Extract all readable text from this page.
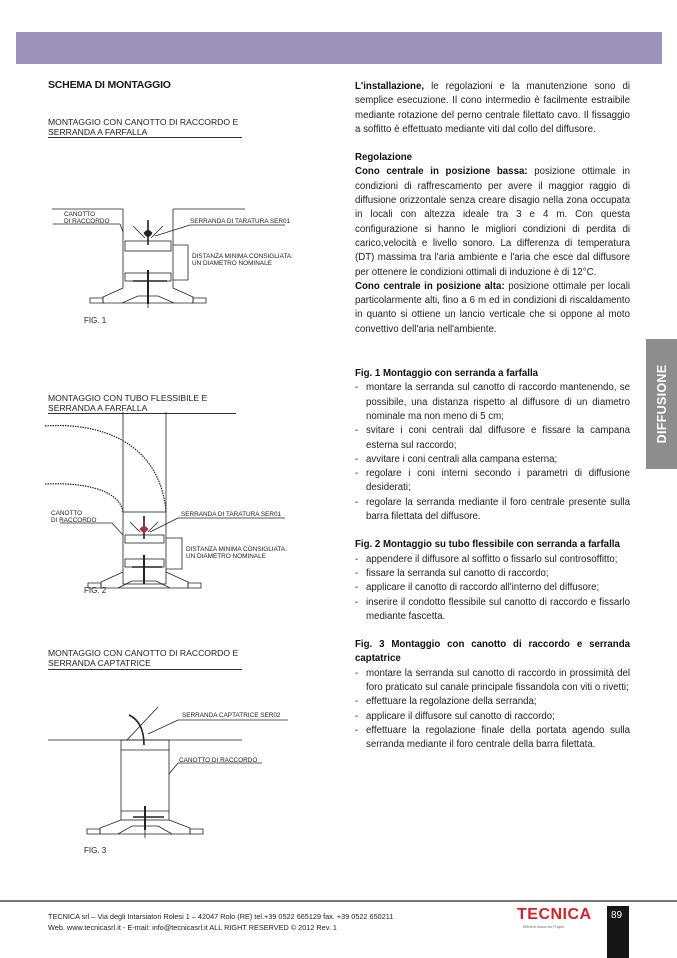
SCHEMA DI MONTAGGIO
MONTAGGIO CON CANOTTO DI RACCORDO E
SERRANDA A FARFALLA
CANOTTO
DI RACCORDO	SERRANDA DI TARATURA SER01
DISTANZA MINIMA CONSIGLIATA:
UN DIAMETRO NOMINALE
FIG. 1
MONTAGGIO CON TUBO FLESSIBILE E
SERRANDA A FARFALLA
CANOTTO
DI RACCORDO
SERRANDA DI TARATURA SER01
DISTANZA MINIMA CONSIGLIATA:
UN DIAMETRO NOMINALE
FIG. 2
MONTAGGIO CON CANOTTO DI RACCORDO E
SERRANDA CAPTATRICE
SERRANDA CAPTATRICE SER02
CANOTTO DI RACCORDO
FIG. 3

L'installazione, le regolazioni e la manutenzione sono di semplice esecuzione. Il cono intermedio è facilmente estraibile mediante rotazione del perno centrale filettato cavo. Il fissaggio a soffitto è effettuato mediante viti dal collo del diffusore.

Regolazione

Cono centrale in posizione bassa: posizione ottimale in condizioni di raffrescamento per avere il maggior raggio di diffusione orizzontale senza creare disagio nella zona occupata in locali con altezza ideale tra 3 e 4 m. Con questa configurazione si hanno le migliori condizioni di perdita di carico,velocità e livello sonoro. La differenza di temperatura (DT) massima tra l'aria ambiente e l'aria che esce dal diffusore per ottenere le condizioni ottimali di induzione è di 12°C.

Cono centrale in posizione alta: posizione ottimale per locali particolarmente alti, fino a 6 m ed in condizioni di riscaldamento in quanto si ottiene un lancio verticale che si oppone al moto convettivo dell'aria nell'ambiente.

Fig. 1 Montaggio con serranda a farfalla

- montare la serranda sul canotto di raccordo mantenendo, se possibile, una distanza rispetto al diffusore di un diametro nominale ma non meno di 5 cm;
- svitare i coni centrali dal diffusore e fissare la campana esterna sul raccordo;
- avvitare i coni centrali alla campana esterna;
- regolare i coni interni secondo i parametri di diffusione desiderati;
- regolare la serranda mediante il foro centrale presente sulla barra filettata del diffusore.

Fig. 2 Montaggio su tubo flessibile con serranda a farfalla

- appendere il diffusore al soffitto o fissarlo sul controsoffitto;
- fissare la serranda sul canotto di raccordo;
- applicare il canotto di raccordo all'interno del diffusore;
- inserire il condotto flessibile sul canotto di raccordo e fissarlo mediante fascetta.

Fig. 3 Montaggio con canotto di raccordo e serranda captatrice

- montare la serranda sul canotto di raccordo in prossimità del foro praticato sul canale principale fissandola con viti o rivetti;
- effettuare la regolazione della serranda;
- applicare il diffusore sul canotto di raccordo;
- effettuare la regolazione finale della portata agendo sulla serranda mediante il foro centrale della barra filettata.
DIFFUSIONE
TECNICA srl – Via degli Intarsiatori Rolesi 1 – 42047 Rolo (RE) tel.+39 0522 665129 fax. +39 0522 650211
Web. www.tecnicasrl.it - E-mail: info@tecnicasrl.it ALL RIGHT RESERVED © 2012 Rev. 1
TECNICA
Efficient Indoor Air Project
89
